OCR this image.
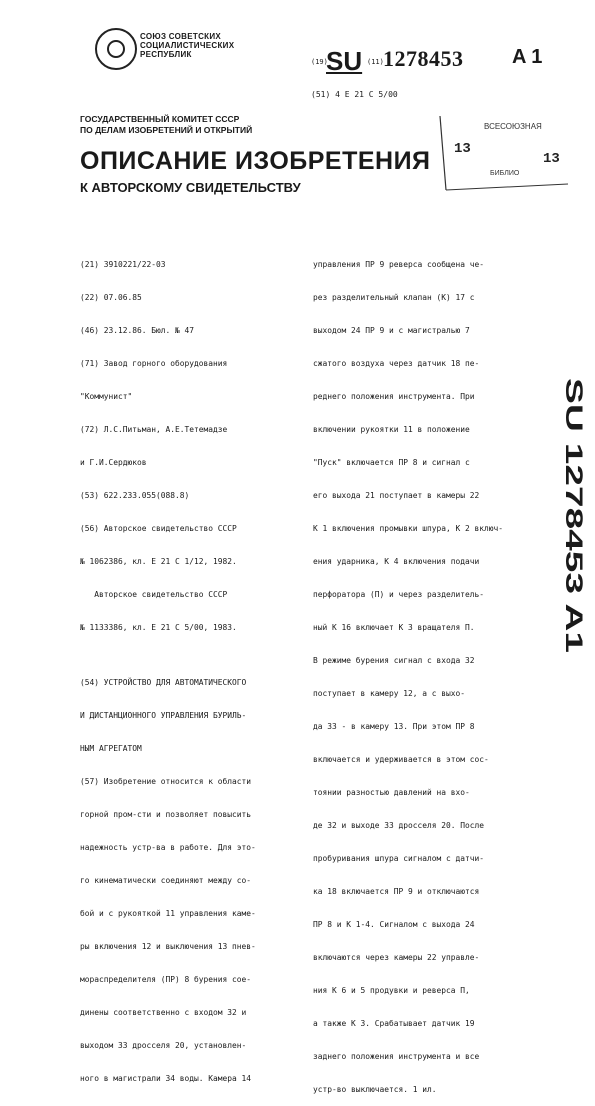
СОЮЗ СОВЕТСКИХ
СОЦИАЛИСТИЧЕСКИХ
РЕСПУБЛИК
(19)
SU (11) 1278453 A 1
(51) 4 E 21 C 5/00
ГОСУДАРСТВЕННЫЙ КОМИТЕТ СССР
ПО ДЕЛАМ ИЗОБРЕТЕНИЙ И ОТКРЫТИЙ
ОПИСАНИЕ ИЗОБРЕТЕНИЯ
К АВТОРСКОМУ СВИДЕТЕЛЬСТВУ
ВСЕСОЮЗНАЯ
13
13
БИБЛИО

(21) 3910221/22-03

(22) 07.06.85

(46) 23.12.86. Бюл. № 47

(71) Завод горного оборудования

"Коммунист"

(72) Л.С.Питьман, А.Е.Тетемадзе

и Г.И.Сердюков

(53) 622.233.055(088.8)

(56) Авторское свидетельство СССР

№ 1062386, кл. Е 21 С 1/12, 1982.

Авторское свидетельство СССР

№ 1133386, кл. Е 21 С 5/00, 1983.

(54) УСТРОЙСТВО ДЛЯ АВТОМАТИЧЕСКОГО

И ДИСТАНЦИОННОГО УПРАВЛЕНИЯ БУРИЛЬ-

НЫМ АГРЕГАТОМ

(57) Изобретение относится к области

горной пром-сти и позволяет повысить

надежность устр-ва в работе. Для это-

го кинематически соединяют между со-

бой и с рукояткой 11 управления каме-

ры включения 12 и выключения 13 пнев-

мораспределителя (ПР) 8 бурения сое-

динены соответственно с входом 32 и

выходом 33 дросселя 20, установлен-

ного в магистрали 34 воды. Камера 14

управления ПР 9 реверса сообщена че-

рез разделительный клапан (К) 17 с

выходом 24 ПР 9 и с магистралью 7

сжатого воздуха через датчик 18 пе-

реднего положения инструмента. При

включении рукоятки 11 в положение

"Пуск" включается ПР 8 и сигнал с

его выхода 21 поступает в камеры 22

К 1 включения промывки шпура, К 2 включ-

ения ударника, К 4 включения подачи

перфоратора (П) и через разделитель-

ный К 16 включает К 3 вращателя П.

В режиме бурения сигнал с входа 32

поступает в камеру 12, а с выхо-

да 33 - в камеру 13. При этом ПР 8

включается и удерживается в этом сос-

тоянии разностью давлений на вхо-

де 32 и выходе 33 дросселя 20. После

пробуривания шпура сигналом с датчи-

ка 18 включается ПР 9 и отключаются

ПР 8 и К 1-4. Сигналом с выхода 24

включаются через камеры 22 управле-

ния К 6 и 5 продувки и реверса П,

а также К 3. Срабатывает датчик 19

заднего положения инструмента и все

устр-во выключается. 1 ил.

SU 1278453 A1
